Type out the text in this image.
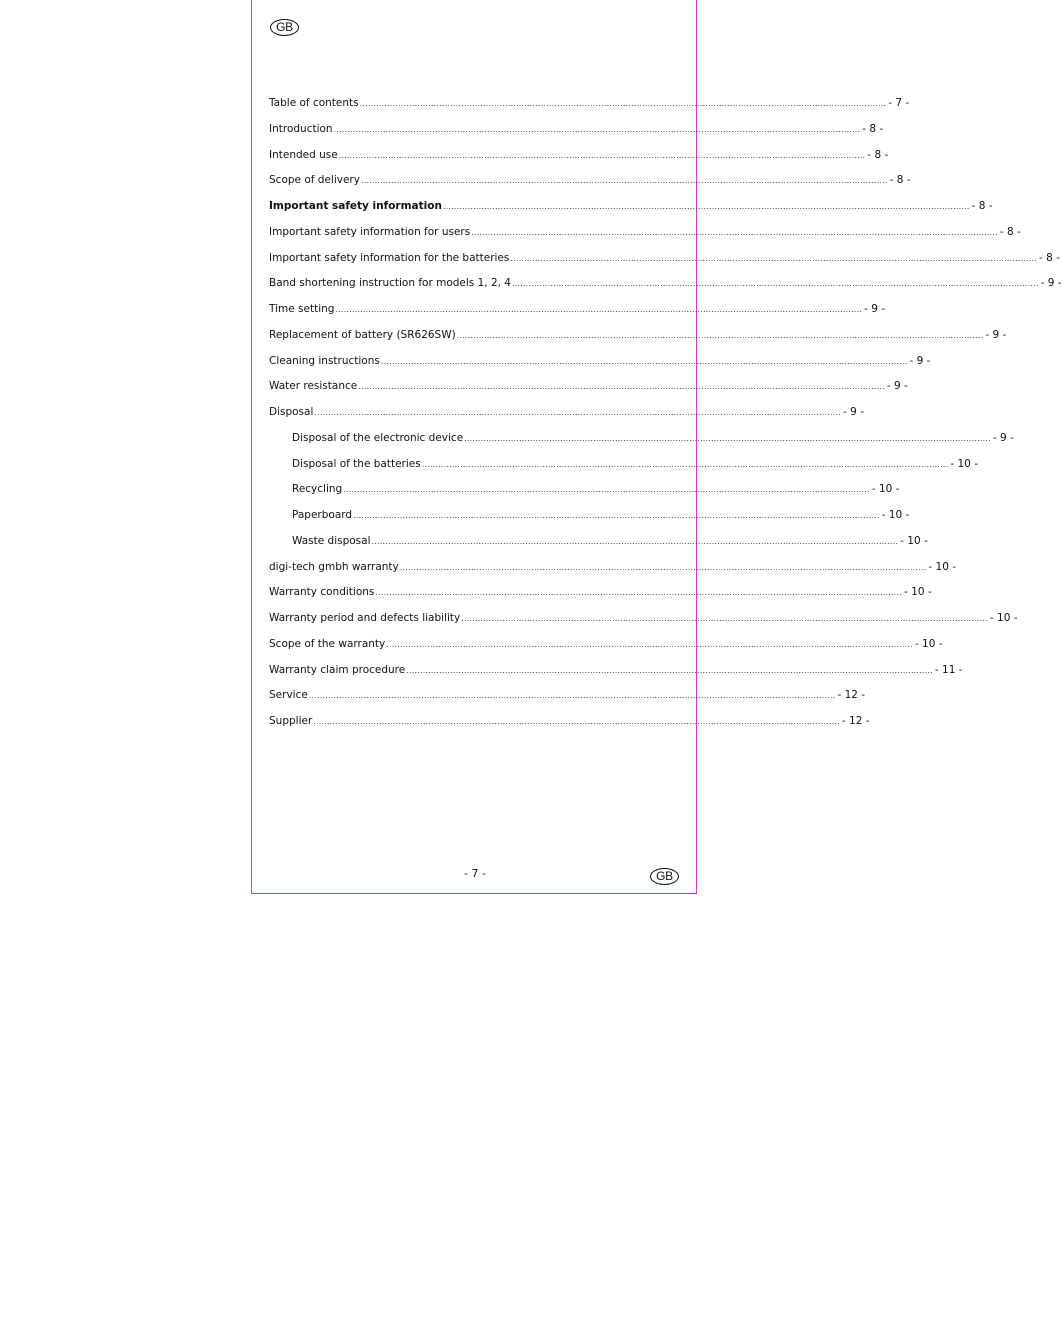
GB
Table of contents ................................................................................................................................................................................................ - 7 -
Introduction ................................................................................................................................................................................................ - 8 -
Intended use ................................................................................................................................................................................................ - 8 -
Scope of delivery ................................................................................................................................................................................................ - 8 -
Important safety information ................................................................................................................................................................................................ - 8 -
Important safety information for users ................................................................................................................................................................................................ - 8 -
Important safety information for the batteries ................................................................................................................................................................................................ - 8 -
Band shortening instruction for models 1, 2, 4 ................................................................................................................................................................................................ - 9 -
Time setting ................................................................................................................................................................................................ - 9 -
Replacement of battery (SR626SW) ................................................................................................................................................................................................ - 9 -
Cleaning instructions ................................................................................................................................................................................................ - 9 -
Water resistance ................................................................................................................................................................................................ - 9 -
Disposal ................................................................................................................................................................................................ - 9 -
Disposal of the electronic device ................................................................................................................................................................................................ - 9 -
Disposal of the batteries ................................................................................................................................................................................................ - 10 -
Recycling ................................................................................................................................................................................................ - 10 -
Paperboard ................................................................................................................................................................................................ - 10 -
Waste disposal ................................................................................................................................................................................................ - 10 -
digi-tech gmbh warranty ................................................................................................................................................................................................ - 10 -
Warranty conditions ................................................................................................................................................................................................ - 10 -
Warranty period and defects liability ................................................................................................................................................................................................ - 10 -
Scope of the warranty ................................................................................................................................................................................................ - 10 -
Warranty claim procedure ................................................................................................................................................................................................ - 11 -
Service ................................................................................................................................................................................................ - 12 -
Supplier ................................................................................................................................................................................................ - 12 -
- 7 -	GB
